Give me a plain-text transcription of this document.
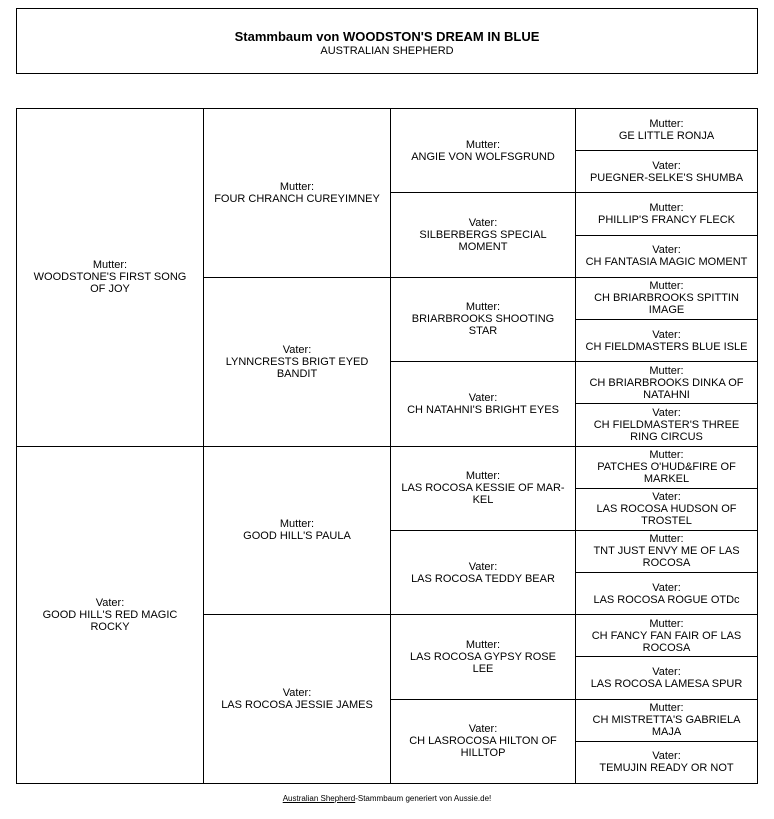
Stammbaum von WOODSTON'S DREAM IN BLUE
AUSTRALIAN SHEPHERD
Mutter:
WOODSTONE'S FIRST SONG OF JOY
Vater:
GOOD HILL'S RED MAGIC ROCKY
Mutter:
FOUR CHRANCH CUREYIMNEY
Vater:
LYNNCRESTS BRIGT EYED BANDIT
Mutter:
GOOD HILL'S PAULA
Vater:
LAS ROCOSA JESSIE JAMES
Mutter:
ANGIE VON WOLFSGRUND
Vater:
SILBERBERGS SPECIAL MOMENT
Mutter:
BRIARBROOKS SHOOTING STAR
Vater:
CH NATAHNI'S BRIGHT EYES
Mutter:
LAS ROCOSA KESSIE OF MAR-KEL
Vater:
LAS ROCOSA TEDDY BEAR
Mutter:
LAS ROCOSA GYPSY ROSE LEE
Vater:
CH LASROCOSA HILTON OF HILLTOP
Mutter:
GE LITTLE RONJA
Vater:
PUEGNER-SELKE'S SHUMBA
Mutter:
PHILLIP'S FRANCY FLECK
Vater:
CH FANTASIA MAGIC MOMENT
Mutter:
CH BRIARBROOKS SPITTIN IMAGE
Vater:
CH FIELDMASTERS BLUE ISLE
Mutter:
CH BRIARBROOKS DINKA OF NATAHNI
Vater:
CH FIELDMASTER'S THREE RING CIRCUS
Mutter:
PATCHES O'HUD&FIRE OF MARKEL
Vater:
LAS ROCOSA HUDSON OF TROSTEL
Mutter:
TNT JUST ENVY ME OF LAS ROCOSA
Vater:
LAS ROCOSA ROGUE OTDc
Mutter:
CH FANCY FAN FAIR OF LAS ROCOSA
Vater:
LAS ROCOSA LAMESA SPUR
Mutter:
CH MISTRETTA'S GABRIELA MAJA
Vater:
TEMUJIN READY OR NOT
Australian Shepherd-Stammbaum generiert von Aussie.de!
